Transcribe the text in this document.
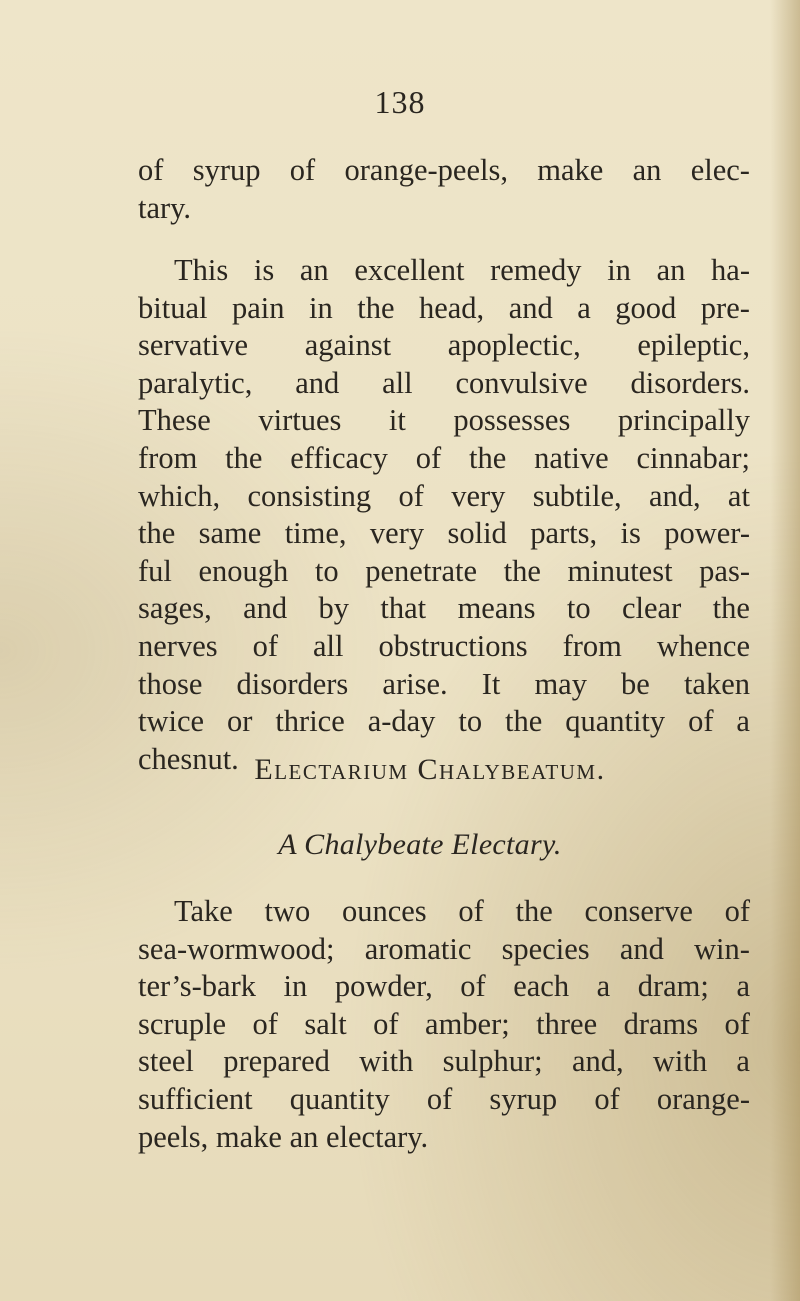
138
of syrup of orange-peels, make an elec-
tary.
This is an excellent remedy in an ha-
bitual pain in the head, and a good pre-
servative against apoplectic, epileptic,
paralytic, and all convulsive disorders.
These virtues it possesses principally
from the efficacy of the native cinnabar;
which, consisting of very subtile, and, at
the same time, very solid parts, is power-
ful enough to penetrate the minutest pas-
sages, and by that means to clear the
nerves of all obstructions from whence
those disorders arise. It may be taken
twice or thrice a-day to the quantity of a
chesnut. Electarium Chalybeatum.
A Chalybeate Electary.
Take two ounces of the conserve of
sea-wormwood; aromatic species and win-
ter’s-bark in powder, of each a dram; a
scruple of salt of amber; three drams of
steel prepared with sulphur; and, with a
sufficient quantity of syrup of orange-
peels, make an electary.
